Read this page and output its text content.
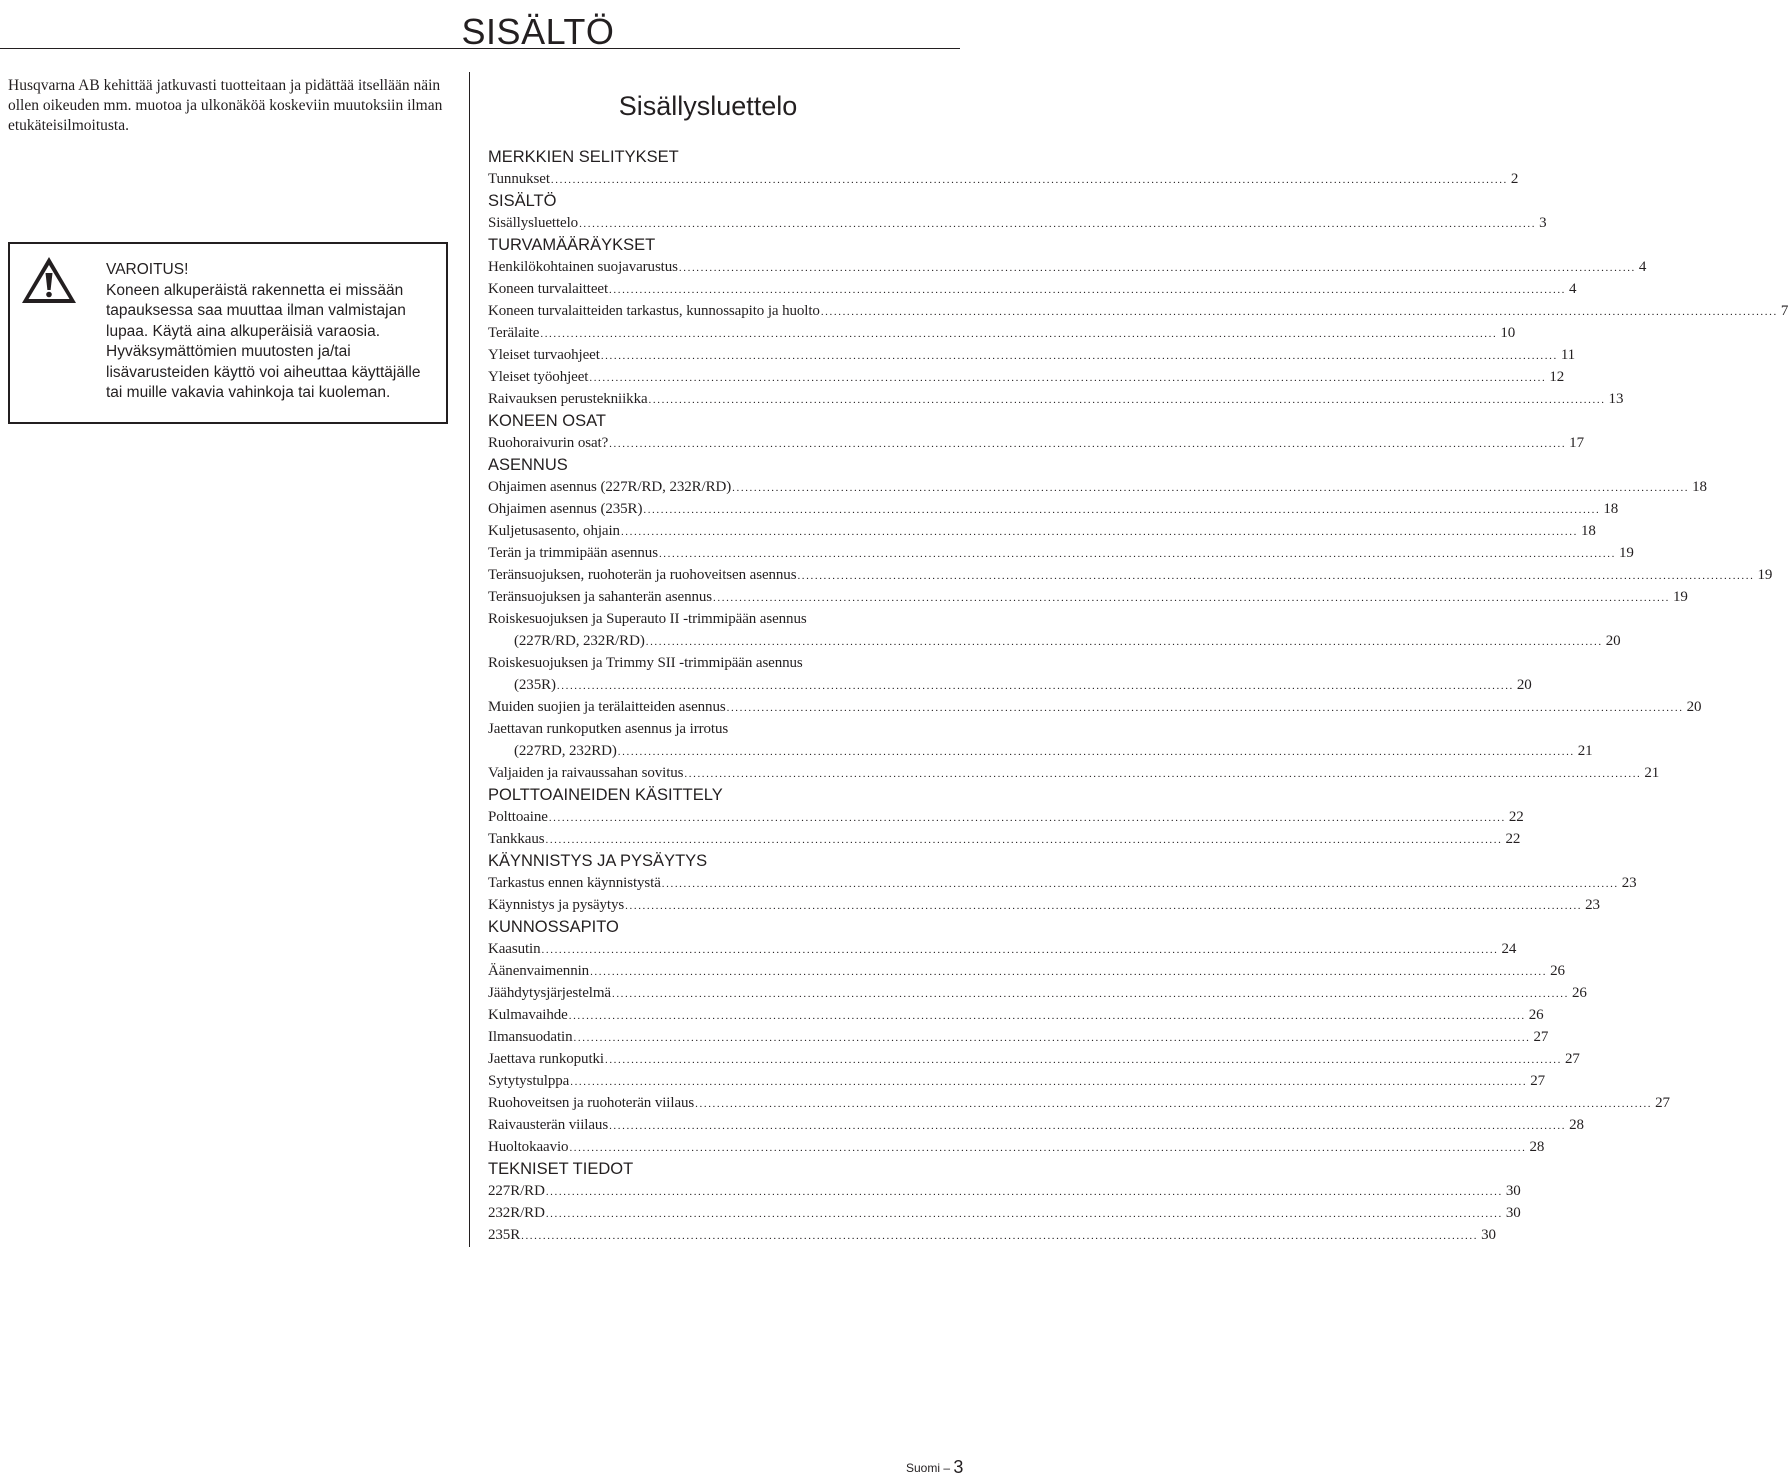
SISÄLTÖ
Husqvarna AB kehittää jatkuvasti tuotteitaan ja pidättää itsellään näin ollen oikeuden mm. muotoa ja ulkonäköä koskeviin muutoksiin ilman etukäteisilmoitusta.
VAROITUS!
Koneen alkuperäistä rakennetta ei missään tapauksessa saa muuttaa ilman valmistajan lupaa. Käytä aina alkuperäisiä varaosia. Hyväksymättömien muutosten ja/tai lisävarusteiden käyttö voi aiheuttaa käyttäjälle tai muille vakavia vahinkoja tai kuoleman.
Sisällysluettelo
MERKKIEN SELITYKSET
Tunnukset ............................................................................................................................................................................................................................ 2
SISÄLTÖ
Sisällysluettelo ............................................................................................................................................................................................................................ 3
TURVAMÄÄRÄYKSET
Henkilökohtainen suojavarustus ............................................................................................................................................................................................................................ 4
Koneen turvalaitteet ............................................................................................................................................................................................................................ 4
Koneen turvalaitteiden tarkastus, kunnossapito ja huolto ............................................................................................................................................................................................................................ 7
Terälaite ............................................................................................................................................................................................................................ 10
Yleiset turvaohjeet ............................................................................................................................................................................................................................ 11
Yleiset työohjeet ............................................................................................................................................................................................................................ 12
Raivauksen perustekniikka ............................................................................................................................................................................................................................ 13
KONEEN OSAT
Ruohoraivurin osat? ............................................................................................................................................................................................................................ 17
ASENNUS
Ohjaimen asennus (227R/RD, 232R/RD) ............................................................................................................................................................................................................................ 18
Ohjaimen asennus (235R) ............................................................................................................................................................................................................................ 18
Kuljetusasento, ohjain ............................................................................................................................................................................................................................ 18
Terän ja trimmipään asennus ............................................................................................................................................................................................................................ 19
Teränsuojuksen, ruohoterän ja ruohoveitsen asennus ............................................................................................................................................................................................................................ 19
Teränsuojuksen ja sahanterän asennus ............................................................................................................................................................................................................................ 19
Roiskesuojuksen ja Superauto II -trimmipään asennus
(227R/RD, 232R/RD) ............................................................................................................................................................................................................................ 20
Roiskesuojuksen ja Trimmy SII -trimmipään asennus
(235R) ............................................................................................................................................................................................................................ 20
Muiden suojien ja terälaitteiden asennus ............................................................................................................................................................................................................................ 20
Jaettavan runkoputken asennus ja irrotus
(227RD, 232RD) ............................................................................................................................................................................................................................ 21
Valjaiden ja raivaussahan sovitus ............................................................................................................................................................................................................................ 21
POLTTOAINEIDEN KÄSITTELY
Polttoaine ............................................................................................................................................................................................................................ 22
Tankkaus ............................................................................................................................................................................................................................ 22
KÄYNNISTYS JA PYSÄYTYS
Tarkastus ennen käynnistystä ............................................................................................................................................................................................................................ 23
Käynnistys ja pysäytys ............................................................................................................................................................................................................................ 23
KUNNOSSAPITO
Kaasutin ............................................................................................................................................................................................................................ 24
Äänenvaimennin ............................................................................................................................................................................................................................ 26
Jäähdytysjärjestelmä ............................................................................................................................................................................................................................ 26
Kulmavaihde ............................................................................................................................................................................................................................ 26
Ilmansuodatin ............................................................................................................................................................................................................................ 27
Jaettava runkoputki ............................................................................................................................................................................................................................ 27
Sytytystulppa ............................................................................................................................................................................................................................ 27
Ruohoveitsen ja ruohoterän viilaus ............................................................................................................................................................................................................................ 27
Raivausterän viilaus ............................................................................................................................................................................................................................ 28
Huoltokaavio ............................................................................................................................................................................................................................ 28
TEKNISET TIEDOT
227R/RD ............................................................................................................................................................................................................................ 30
232R/RD ............................................................................................................................................................................................................................ 30
235R ............................................................................................................................................................................................................................ 30
Suomi – 3
